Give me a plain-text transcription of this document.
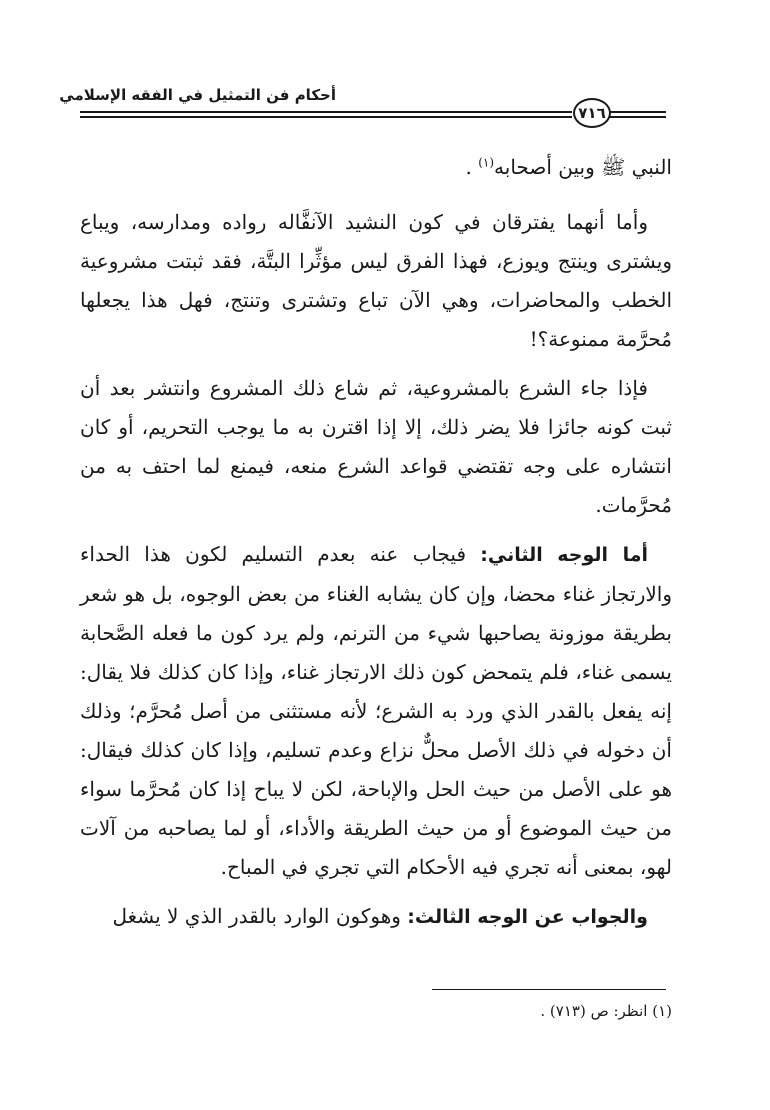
أحكام فن التمثيل في الفقه الإسلامي
٧١٦

النبي ﷺ وبين أصحابه$^{(١)}$ .

وأما أنهما يفترقان في كون النشيد الآنفَّاله رواده ومدارسه، ويباع ويشترى وينتج ويوزع، فهذا الفرق ليس مؤثِّرا البتَّة، فقد ثبتت مشروعية الخطب والمحاضرات، وهي الآن تباع وتشترى وتنتج، فهل هذا يجعلها مُحرَّمة ممنوعة؟!

فإذا جاء الشرع بالمشروعية، ثم شاع ذلك المشروع وانتشر بعد أن ثبت كونه جائزا فلا يضر ذلك، إلا إذا اقترن به ما يوجب التحريم، أو كان انتشاره على وجه تقتضي قواعد الشرع منعه، فيمنع لما احتف به من مُحرَّمات.

أما الوجه الثاني: فيجاب عنه بعدم التسليم لكون هذا الحداء والارتجاز غناء محضا، وإن كان يشابه الغناء من بعض الوجوه، بل هو شعر بطريقة موزونة يصاحبها شيء من الترنم، ولم يرد كون ما فعله الصَّحابة يسمى غناء، فلم يتمحض كون ذلك الارتجاز غناء، وإذا كان كذلك فلا يقال: إنه يفعل بالقدر الذي ورد به الشرع؛ لأنه مستثنى من أصل مُحرَّم؛ وذلك أن دخوله في ذلك الأصل محلٌّ نزاع وعدم تسليم، وإذا كان كذلك فيقال: هو على الأصل من حيث الحل والإباحة، لكن لا يباح إذا كان مُحرَّما سواء من حيث الموضوع أو من حيث الطريقة والأداء، أو لما يصاحبه من آلات لهو، بمعنى أنه تجري فيه الأحكام التي تجري في المباح.

والجواب عن الوجه الثالث: وهوكون الوارد بالقدر الذي لا يشغل

(١) انظر: ص (٧١٣) .
